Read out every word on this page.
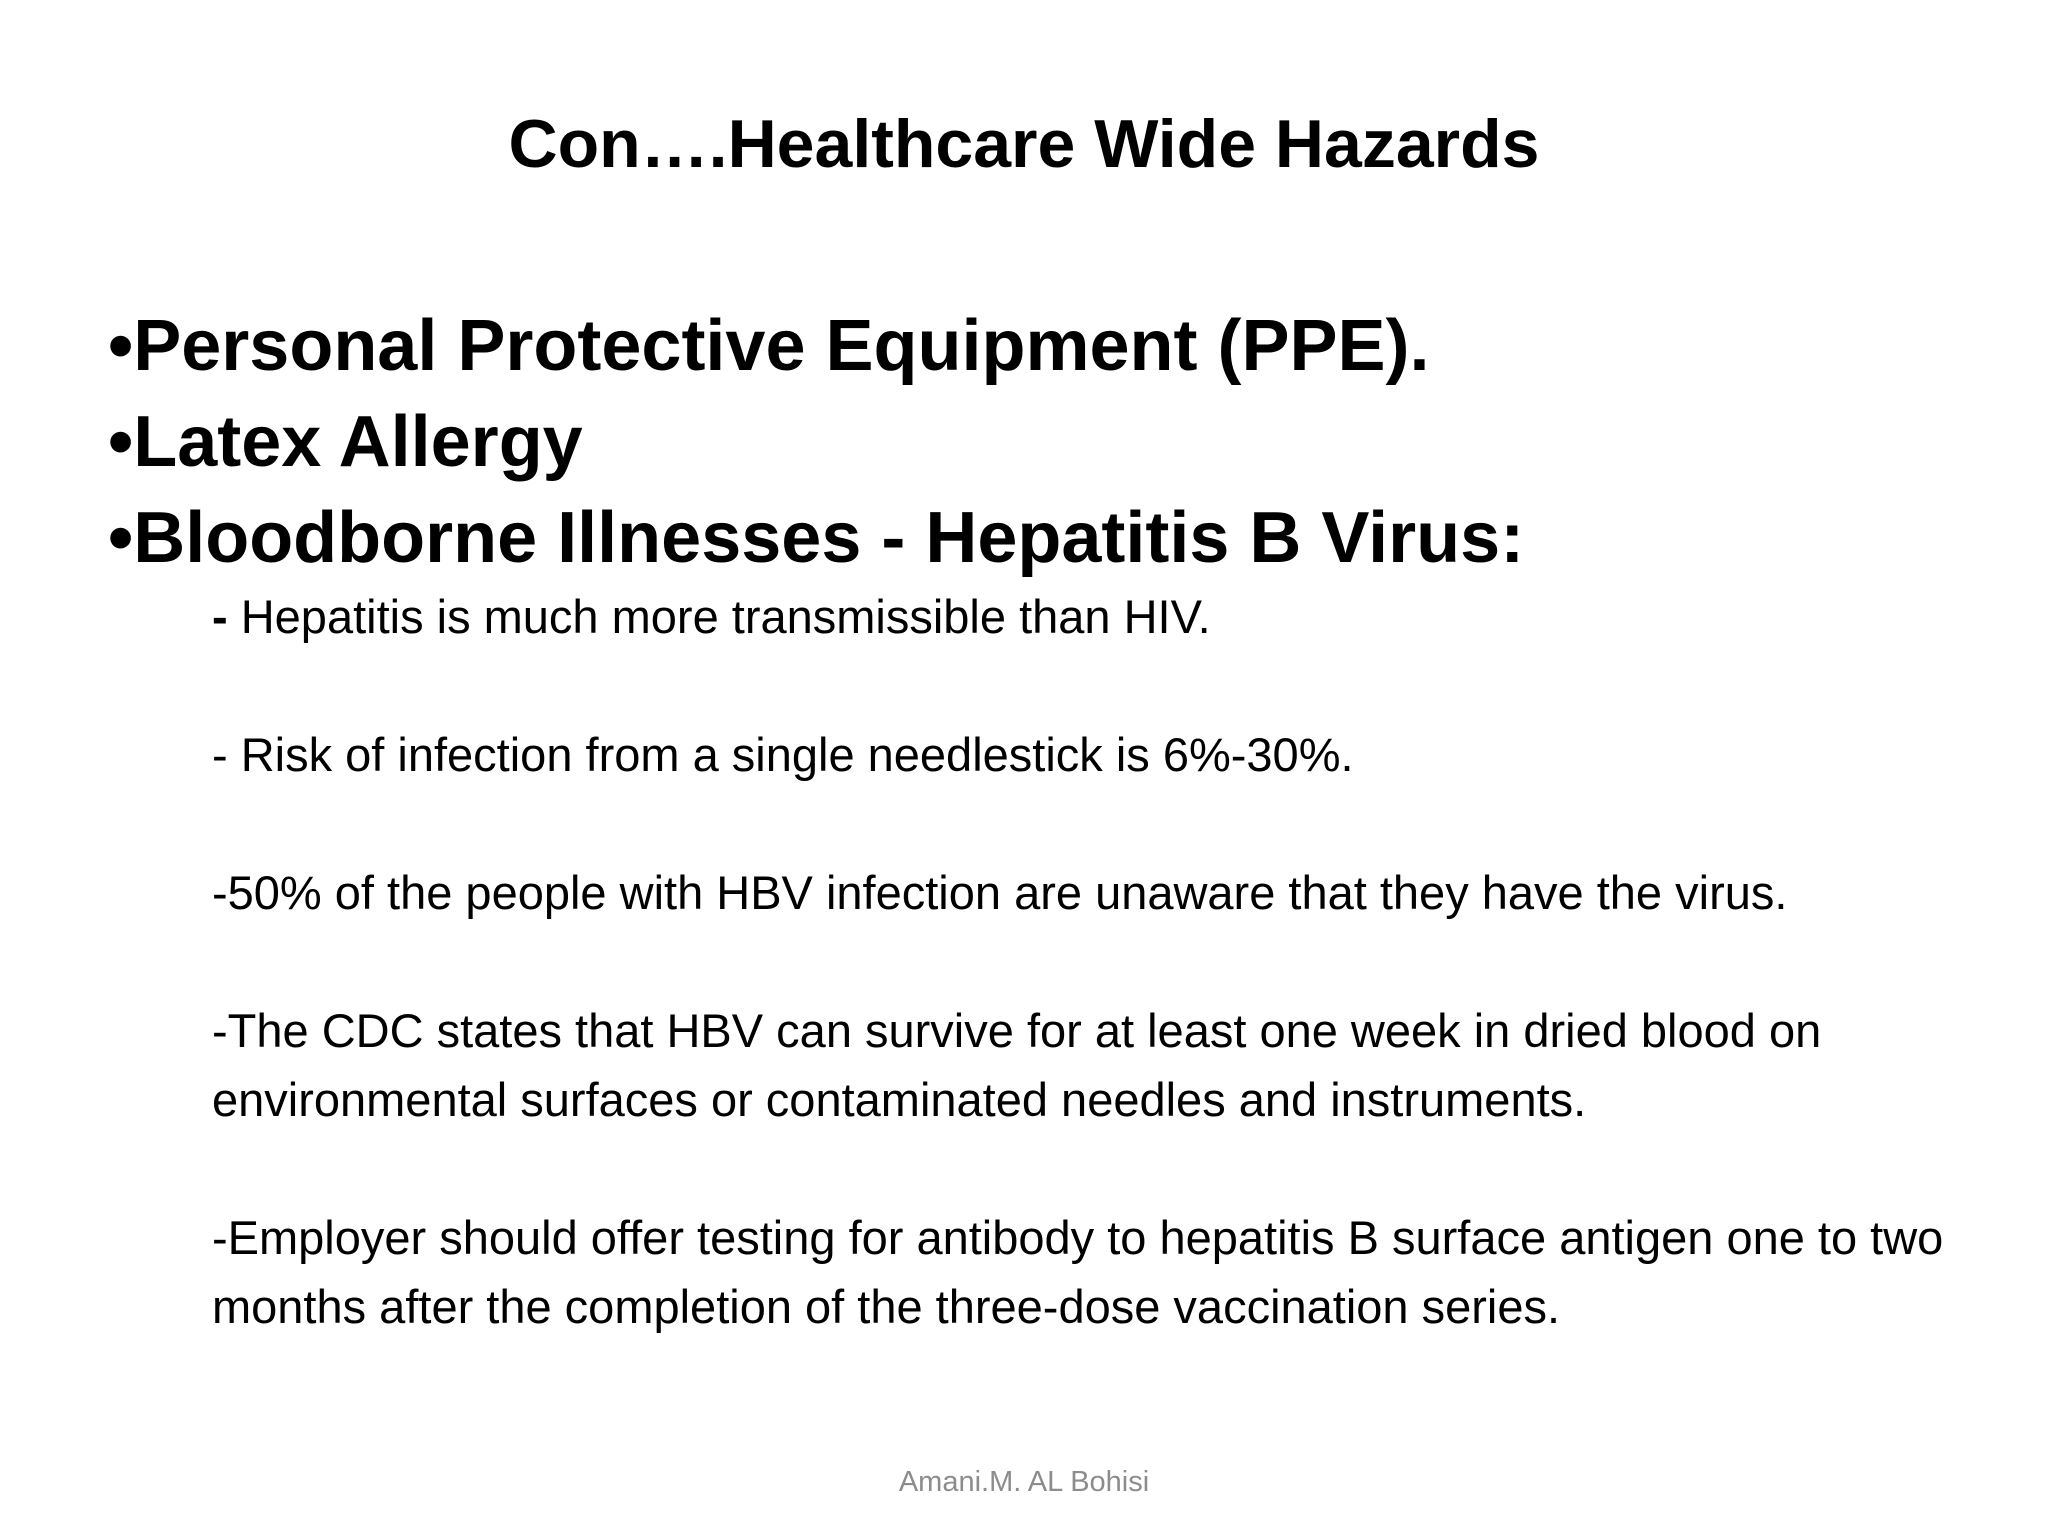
Con….Healthcare Wide Hazards
•Personal Protective Equipment (PPE).
•Latex Allergy
•Bloodborne Illnesses - Hepatitis B Virus:
- Hepatitis is much more transmissible than HIV.
- Risk of infection from a single needlestick is 6%-30%.
-50% of the people with HBV infection are unaware that they have the virus.
-The CDC states that HBV can survive for at least one week in dried blood on environmental surfaces or contaminated needles and instruments.
-Employer should offer testing for antibody to hepatitis B surface antigen one to two months after the completion of the three-dose vaccination series.
Amani.M. AL Bohisi
